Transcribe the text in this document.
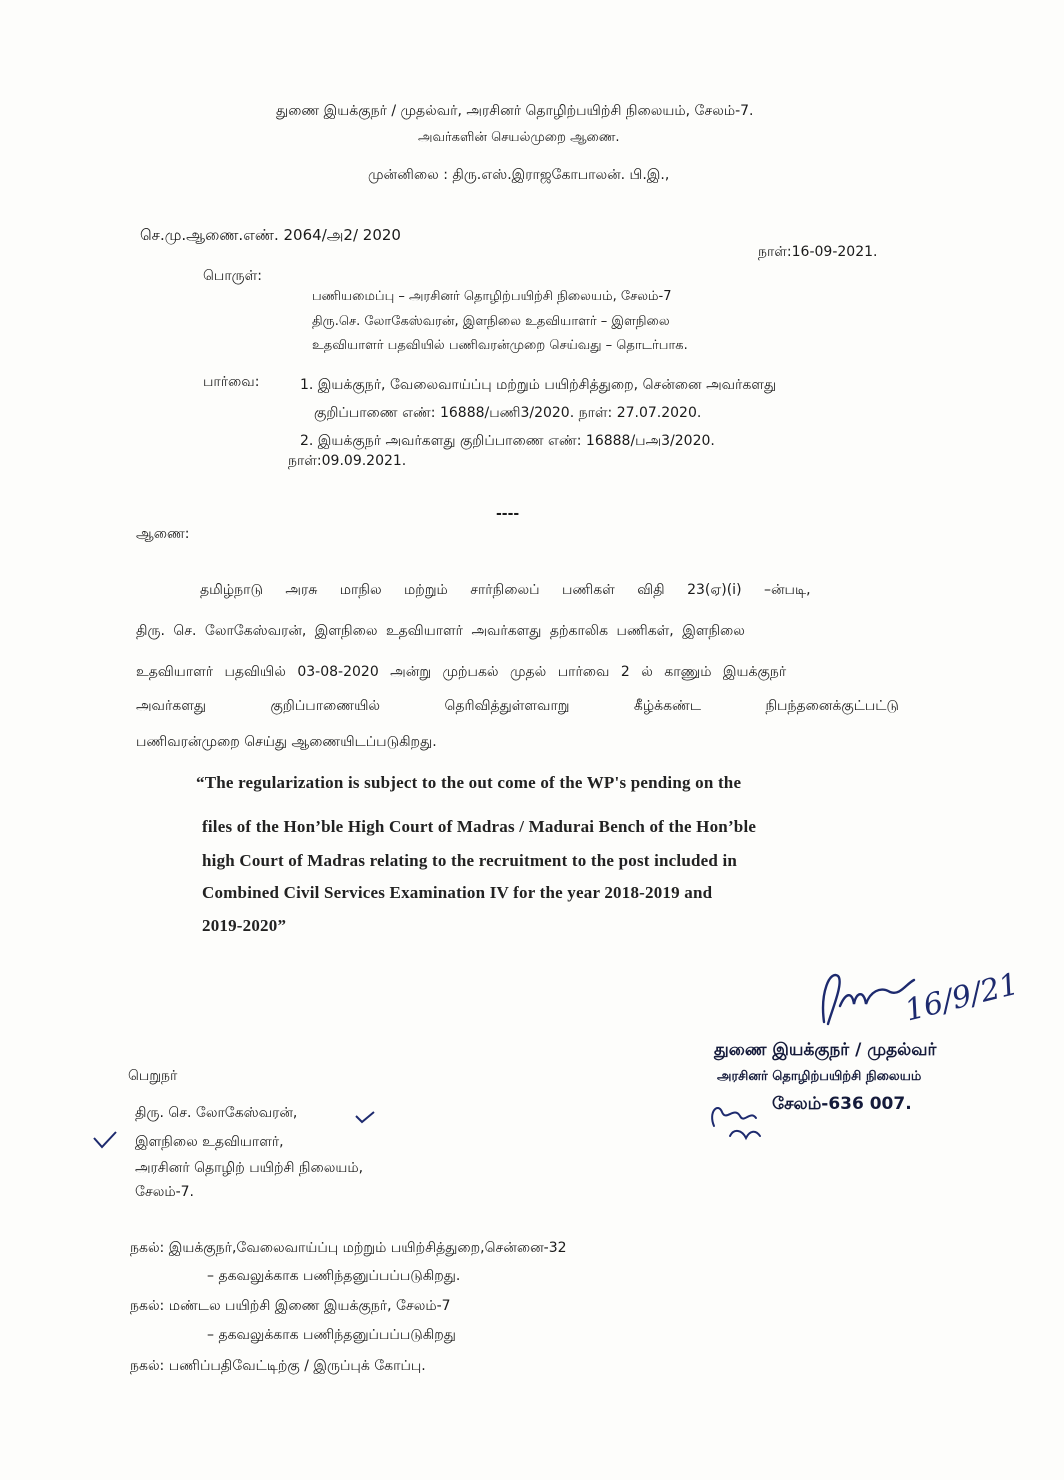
துணை இயக்குநர் / முதல்வர், அரசினர் தொழிற்பயிற்சி நிலையம், சேலம்-7.
அவர்களின் செயல்முறை ஆணை.
முன்னிலை : திரு.எஸ்.இராஜகோபாலன். பி.இ.,
செ.மு.ஆணை.எண். 2064/அ2/ 2020
நாள்:16-09-2021.
பொருள்:
பணியமைப்பு – அரசினர் தொழிற்பயிற்சி நிலையம், சேலம்-7
திரு.செ. லோகேஸ்வரன், இளநிலை உதவியாளர் – இளநிலை
உதவியாளர் பதவியில் பணிவரன்முறை செய்வது – தொடர்பாக.
பார்வை:	1. இயக்குநர், வேலைவாய்ப்பு மற்றும் பயிற்சித்துறை, சென்னை அவர்களது
குறிப்பாணை எண்: 16888/பணி3/2020. நாள்: 27.07.2020.
2. இயக்குநர் அவர்களது குறிப்பாணை எண்: 16888/பஅ3/2020.
நாள்:09.09.2021.
----
ஆணை:
தமிழ்நாடு அரசு மாநில மற்றும் சார்நிலைப் பணிகள் விதி 23(ஏ)(i) –ன்படி,
திரு. செ. லோகேஸ்வரன், இளநிலை உதவியாளர் அவர்களது தற்காலிக பணிகள், இளநிலை
உதவியாளர் பதவியில் 03-08-2020 அன்று முற்பகல் முதல் பார்வை 2 ல் காணும் இயக்குநர்
அவர்களது குறிப்பாணையில் தெரிவித்துள்ளவாறு கீழ்க்கண்ட நிபந்தனைக்குட்பட்டு
பணிவரன்முறை செய்து ஆணையிடப்படுகிறது.
“The regularization is subject to the out come of the WP's pending on the
files of the Hon’ble High Court of Madras / Madurai Bench of the Hon’ble
high Court of Madras relating to the recruitment to the post included in
Combined Civil Services Examination IV for the year 2018-2019 and
2019-2020”
16/9/21
துணை இயக்குநர் / முதல்வர்
அரசினர் தொழிற்பயிற்சி நிலையம்
சேலம்-636 007.
பெறுநர்
திரு. செ. லோகேஸ்வரன்,
இளநிலை உதவியாளர்,
அரசினர் தொழிற் பயிற்சி நிலையம்,
சேலம்-7.
நகல்: இயக்குநர்,வேலைவாய்ப்பு மற்றும் பயிற்சித்துறை,சென்னை-32
– தகவலுக்காக பணிந்தனுப்பப்படுகிறது.
நகல்: மண்டல பயிற்சி இணை இயக்குநர், சேலம்-7
– தகவலுக்காக பணிந்தனுப்பப்படுகிறது
நகல்: பணிப்பதிவேட்டிற்கு / இருப்புக் கோப்பு.
